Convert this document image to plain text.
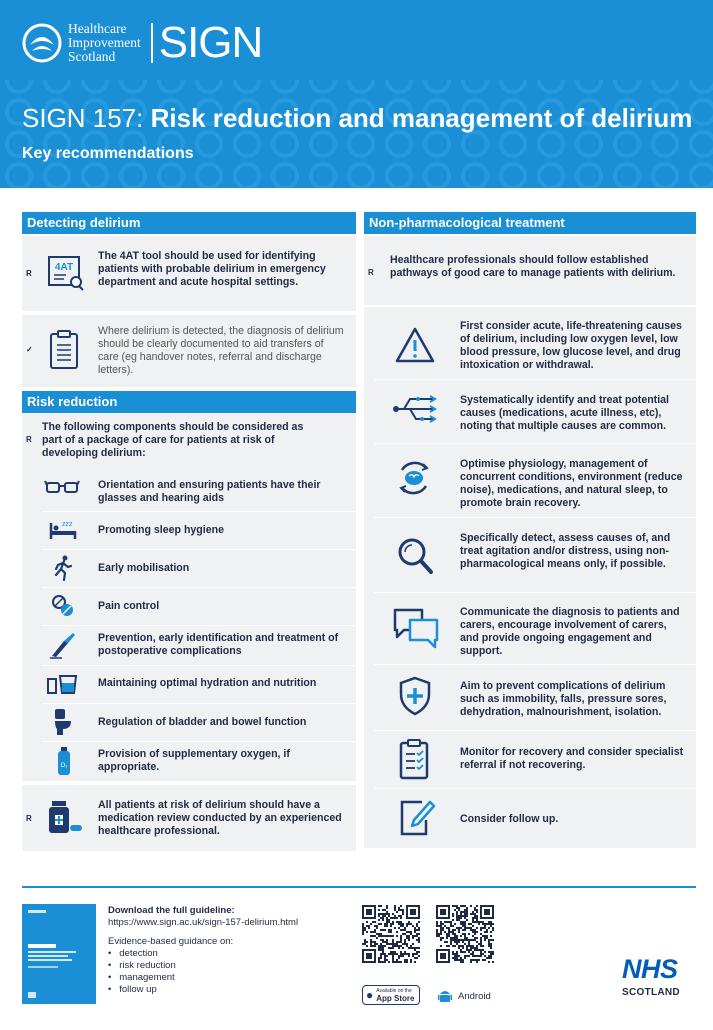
Healthcare
Improvement
Scotland SIGN
SIGN 157: Risk reduction and management of delirium
Key recommendations
Detecting delirium
R
4AT
The 4AT tool should be used for identifying patients with probable delirium in emergency department and acute hospital settings.
✓
Where delirium is detected, the diagnosis of delirium should be clearly documented to aid transfers of care (eg handover notes, referral and discharge letters).
Risk reduction
R
The following components should be considered as part of a package of care for patients at risk of developing delirium:
Orientation and ensuring patients have their glasses and hearing aids
zzz Promoting sleep hygiene
Early mobilisation
Pain control
Prevention, early identification and treatment of postoperative complications
Maintaining optimal hydration and nutrition
Regulation of bladder and bowel function
O₂
Provision of supplementary oxygen, if appropriate.
R
All patients at risk of delirium should have a medication review conducted by an experienced healthcare professional.
Non-pharmacological treatment
R
Healthcare professionals should follow established pathways of good care to manage patients with delirium.
First consider acute, life-threatening causes of delirium, including low oxygen level, low blood pressure, low glucose level, and drug intoxication or withdrawal.
Systematically identify and treat potential causes (medications, acute illness, etc), noting that multiple causes are common.
Optimise physiology, management of concurrent conditions, environment (reduce noise), medications, and natural sleep, to promote brain recovery.
Specifically detect, assess causes of, and treat agitation and/or distress, using non-pharmacological means only, if possible.
Communicate the diagnosis to patients and carers, encourage involvement of carers, and provide ongoing engagement and support.
Aim to prevent complications of delirium such as immobility, falls, pressure sores, dehydration, malnourishment, isolation.
Monitor for recovery and consider specialist referral if not recovering.
Consider follow up.
Download the full guideline:
https://www.sign.ac.uk/sign-157-delirium.html
Evidence-based guidance on:
•   detection
•   risk reduction
•   management
•   follow up	● Available on the
App Store	Android
NHS
SCOTLAND
